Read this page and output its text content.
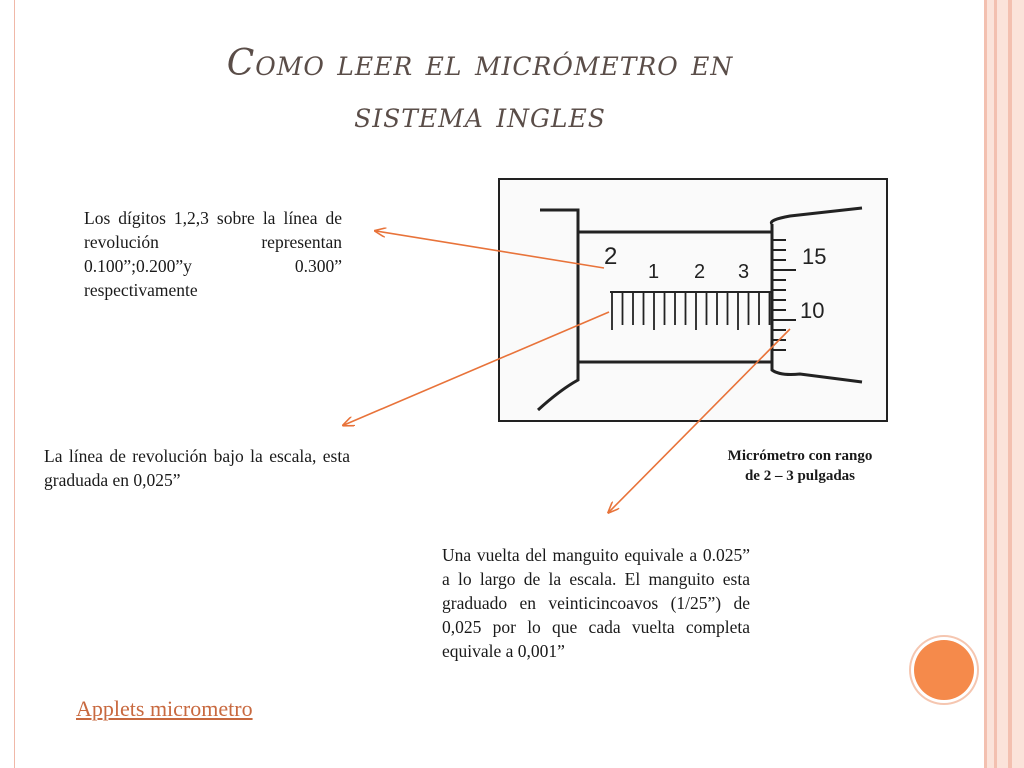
Como leer el micrómetro en
sistema ingles
Los dígitos 1,2,3 sobre la línea de revolución representan 0.100”;0.200”y 0.300” respectivamente
La línea de revolución bajo la escala, esta graduada en 0,025”
Una vuelta del manguito equivale a 0.025” a lo largo de la escala. El manguito esta graduado en veinticincoavos (1/25”) de 0,025 por lo que cada vuelta completa equivale a 0,001”
Micrómetro con rango
de 2 – 3 pulgadas
Applets micrometro
2
1 2 3
15
10
